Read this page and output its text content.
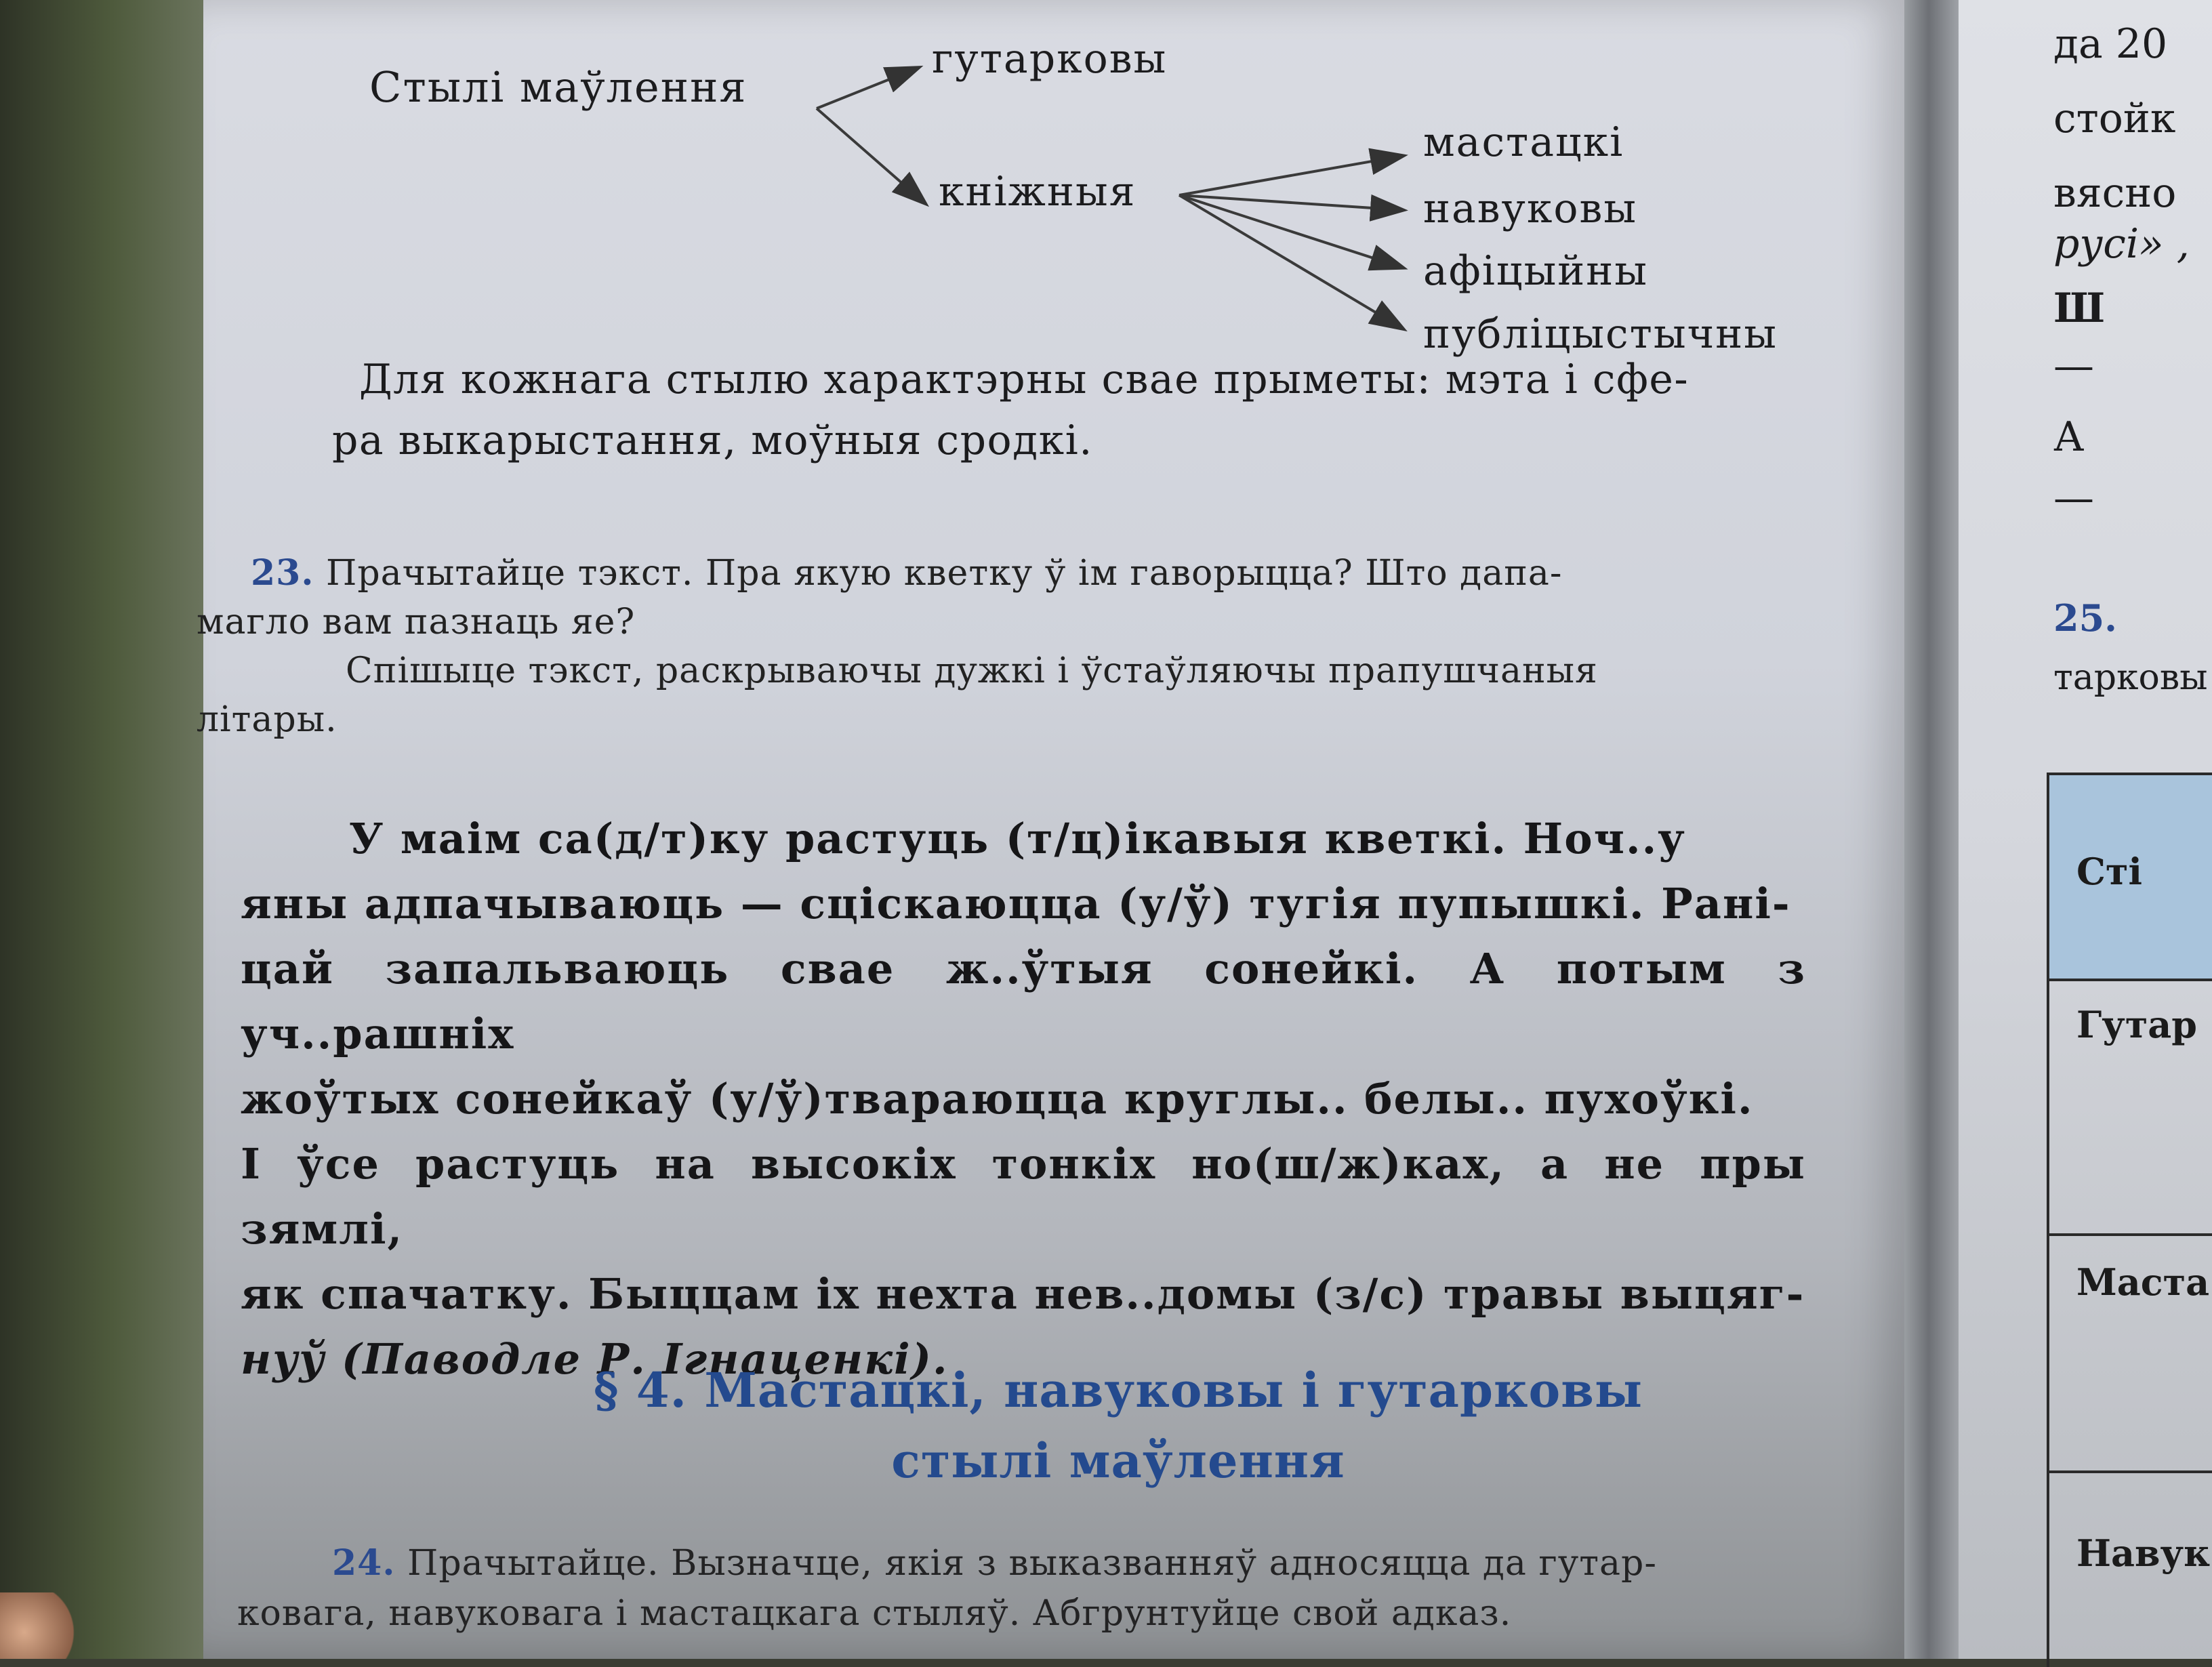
Стылі маўлення
гутарковы
кніжныя
мастацкі
навуковы
афіцыйны
публіцыстычны

Для кожнага стылю характэрны свае прыметы: мэта і сфе-

ра выкарыстання, моўныя сродкі.

23. Прачытайце тэкст. Пра якую кветку ў ім гаворыцца? Што дапа-

магло вам пазнаць яе?

Спішыце тэкст, раскрываючы дужкі і ўстаўляючы прапушчаныя

літары.

У маім са(д/т)ку растуць (т/ц)ікавыя кветкі. Ноч..у

яны адпачываюць — сціскаюцца (у/ў) тугія пупышкі. Ранi-

цай запальваюць свае ж..ўтыя сонейкі. А потым з уч..рашніх

жоўтых сонейкаў (у/ў)твараюцца круглы.. белы.. пухоўкі.

І ўсе растуць на высокіх тонкіх но(ш/ж)ках, а не пры зямлі,

як спачатку. Быццам іх нехта нев..домы (з/с) травы выцяг-

нуў (Паводле Р. Ігнаценкі).

§ 4. Мастацкі, навуковы і гутарковы
стылі маўлення

24. Прачытайце. Вызначце, якія з выказванняў адносяцца да гутар-

ковага, навуковага і мастацкага стыляў. Абгрунтуйце свой адказ.

да 20
стойк
вясно
русі» ,
Ш
—
А
—
25.
тарковы
Сті
Гутар
Маста
Навук
